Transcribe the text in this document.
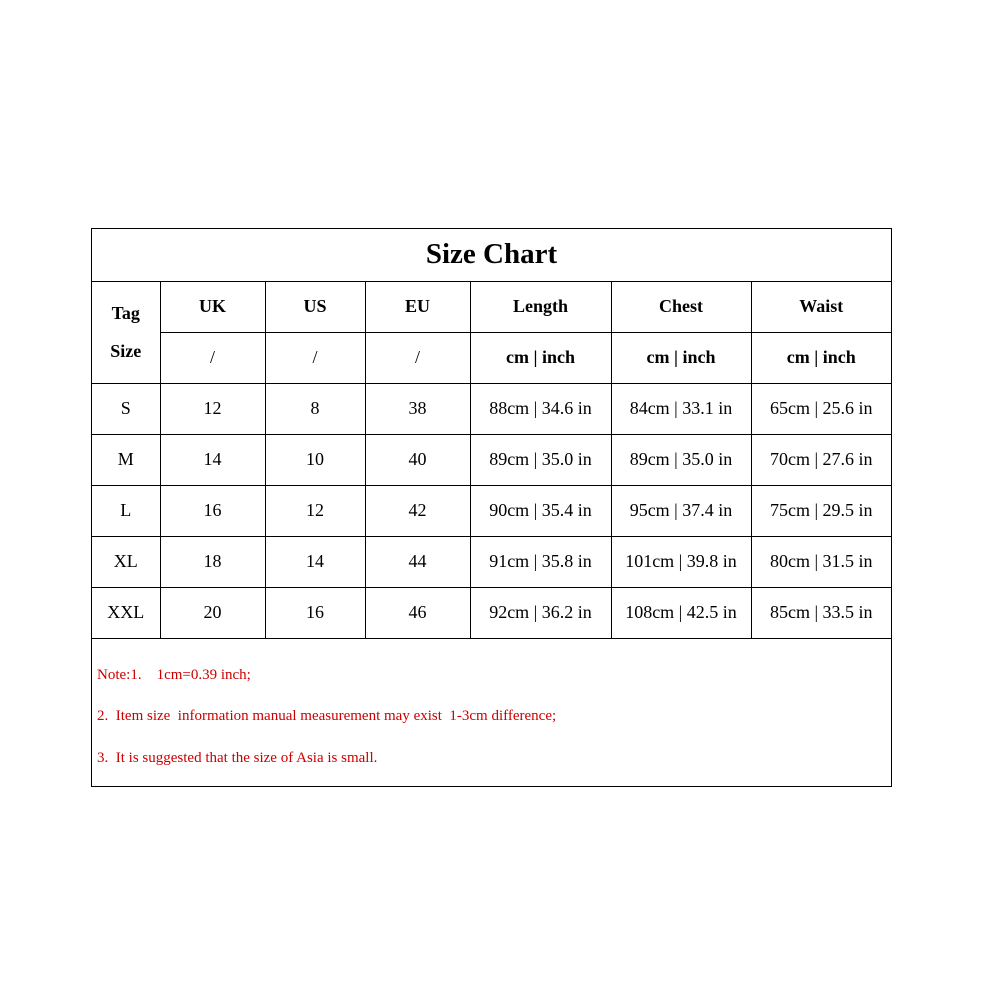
Size Chart						

Tag
Size	UK	US	EU	Length	Chest	Waist
	/	/	/	cm | inch	cm | inch	cm | inch
S	12	8	38	88cm | 34.6 in	84cm | 33.1 in	65cm | 25.6 in
M	14	10	40	89cm | 35.0 in	89cm | 35.0 in	70cm | 27.6 in
L	16	12	42	90cm | 35.4 in	95cm | 37.4 in	75cm | 29.5 in
XL	18	14	44	91cm | 35.8 in	101cm | 39.8 in	80cm | 31.5 in
XXL	20	16	46	92cm | 36.2 in	108cm | 42.5 in	85cm | 33.5 in
Note:1.    1cm=0.39 inch;
2.  Item size  information manual measurement may exist  1-3cm difference;
3.  It is suggested that the size of Asia is small.
